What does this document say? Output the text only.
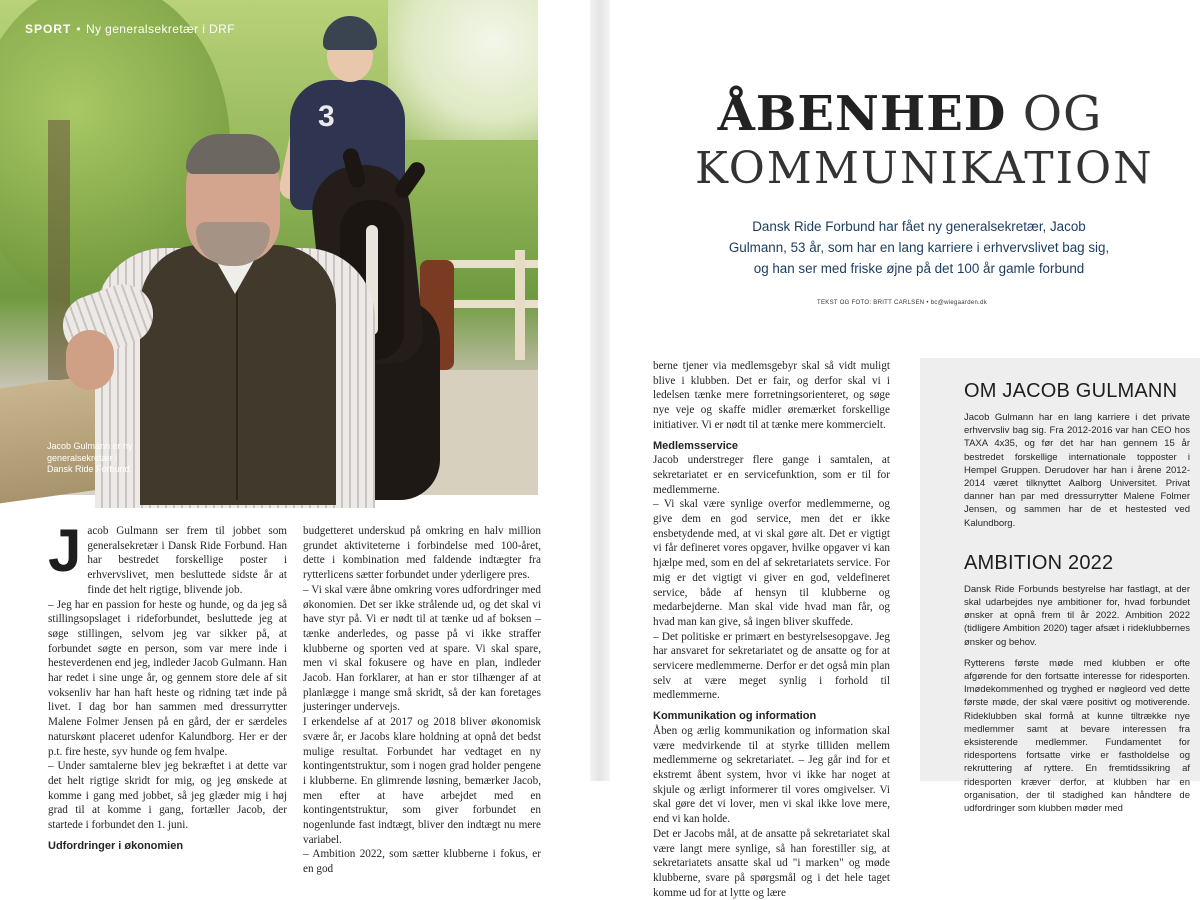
3
SPORT • Ny generalsekretær i DRF
Jacob Gulmann er ny generalsekretær i Dansk Ride Forbund.
J acob Gulmann ser frem til jobbet som generalsekretær i Dansk Ride Forbund. Han har bestredet forskellige poster i erhvervslivet, men besluttede sidste år at finde det helt rigtige, blivende job.

– Jeg har en passion for heste og hunde, og da jeg så stillingsopslaget i rideforbundet, besluttede jeg at søge stillingen, selvom jeg var sikker på, at forbundet søgte en person, som var mere inde i hesteverdenen end jeg, indleder Jacob Gulmann. Han har redet i sine unge år, og gennem store dele af sit voksenliv har han haft heste og ridning tæt inde på livet. I dag bor han sammen med dressurrytter Malene Folmer Jensen på en gård, der er særdeles naturskønt placeret udenfor Kalundborg. Her er der p.t. fire heste, syv hunde og fem hvalpe.

– Under samtalerne blev jeg bekræftet i at dette var det helt rigtige skridt for mig, og jeg ønskede at komme i gang med jobbet, så jeg glæder mig i høj grad til at komme i gang, fortæller Jacob, der startede i forbundet den 1. juni.

Udfordringer i økonomien

budgetteret underskud på omkring en halv million grundet aktiviteterne i forbindelse med 100-året, dette i kombination med faldende indtægter fra rytterlicens sætter forbundet under yderligere pres.

– Vi skal være åbne omkring vores udfordringer med økonomien. Det ser ikke strålende ud, og det skal vi have styr på. Vi er nødt til at tænke ud af boksen – tænke anderledes, og passe på vi ikke straffer klubberne og sporten ved at spare. Vi skal spare, men vi skal fokusere og have en plan, indleder Jacob. Han forklarer, at han er stor tilhænger af at planlægge i mange små skridt, så der kan foretages justeringer undervejs.

I erkendelse af at 2017 og 2018 bliver økonomisk svære år, er Jacobs klare holdning at opnå det bedst mulige resultat. Forbundet har vedtaget en ny kontingentstruktur, som i nogen grad holder pengene i klubberne. En glimrende løsning, bemærker Jacob, men efter at have arbejdet med en kontingentstruktur, som giver forbundet en nogenlunde fast indtægt, bliver den indtægt nu mere variabel.

– Ambition 2022, som sætter klubberne i fokus, er en god

ÅBENHED OG
KOMMUNIKATION
Dansk Ride Forbund har fået ny generalsekretær, Jacob Gulmann, 53 år, som har en lang karriere i erhvervslivet bag sig, og han ser med friske øjne på det 100 år gamle forbund
TEKST OG FOTO: BRITT CARLSEN • bc@wiegaarden.dk

berne tjener via medlemsgebyr skal så vidt muligt blive i klubben. Det er fair, og derfor skal vi i ledelsen tænke mere forretningsorienteret, og søge nye veje og skaffe midler øremærket forskellige initiativer. Vi er nødt til at tænke mere kommercielt.

Medlemsservice

Jacob understreger flere gange i samtalen, at sekretariatet er en servicefunktion, som er til for medlemmerne.

– Vi skal være synlige overfor medlemmerne, og give dem en god service, men det er ikke ensbetydende med, at vi skal gøre alt. Det er vigtigt vi får defineret vores opgaver, hvilke opgaver vi kan hjælpe med, som en del af sekretariatets service. For mig er det vigtigt vi giver en god, veldefineret service, både af hensyn til klubberne og medarbejderne. Man skal vide hvad man får, og hvad man kan give, så ingen bliver skuffede.

– Det politiske er primært en bestyrelsesopgave. Jeg har ansvaret for sekretariatet og de ansatte og for at servicere medlemmerne. Derfor er det også min plan selv at være meget synlig i forhold til medlemmerne.

Kommunikation og information

Åben og ærlig kommunikation og information skal være medvirkende til at styrke tilliden mellem medlemmerne og sekretariatet. – Jeg går ind for et ekstremt åbent system, hvor vi ikke har noget at skjule og ærligt informerer til vores omgivelser. Vi skal gøre det vi lover, men vi skal ikke love mere, end vi kan holde.

Det er Jacobs mål, at de ansatte på sekretariatet skal være langt mere synlige, så han forestiller sig, at sekretariatets ansatte skal ud "i marken" og møde klubberne, svare på spørgsmål og i det hele taget komme ud for at lytte og lære

OM JACOB GULMANN

Jacob Gulmann har en lang karriere i det private erhvervsliv bag sig. Fra 2012-2016 var han CEO hos TAXA 4x35, og før det har han gennem 15 år bestredet forskellige internationale topposter i Hempel Gruppen. Derudover har han i årene 2012-2014 været tilknyttet Aalborg Universitet. Privat danner han par med dressurrytter Malene Folmer Jensen, og sammen har de et hestested ved Kalundborg.

AMBITION 2022

Dansk Ride Forbunds bestyrelse har fastlagt, at der skal udarbejdes nye ambitioner for, hvad forbundet ønsker at opnå frem til år 2022. Ambition 2022 (tidligere Ambition 2020) tager afsæt i rideklubbernes ønsker og behov.

Rytterens første møde med klubben er ofte afgørende for den fortsatte interesse for ridesporten. Imødekommenhed og tryghed er nøgleord ved dette første møde, der skal være positivt og motiverende. Rideklubben skal formå at kunne tiltrække nye medlemmer samt at bevare interessen fra eksisterende medlemmer. Fundamentet for ridesportens fortsatte virke er fastholdelse og rekruttering af ryttere. En fremtidssikring af ridesporten kræver derfor, at klubben har en organisation, der til stadighed kan håndtere de udfordringer som klubben møder med
